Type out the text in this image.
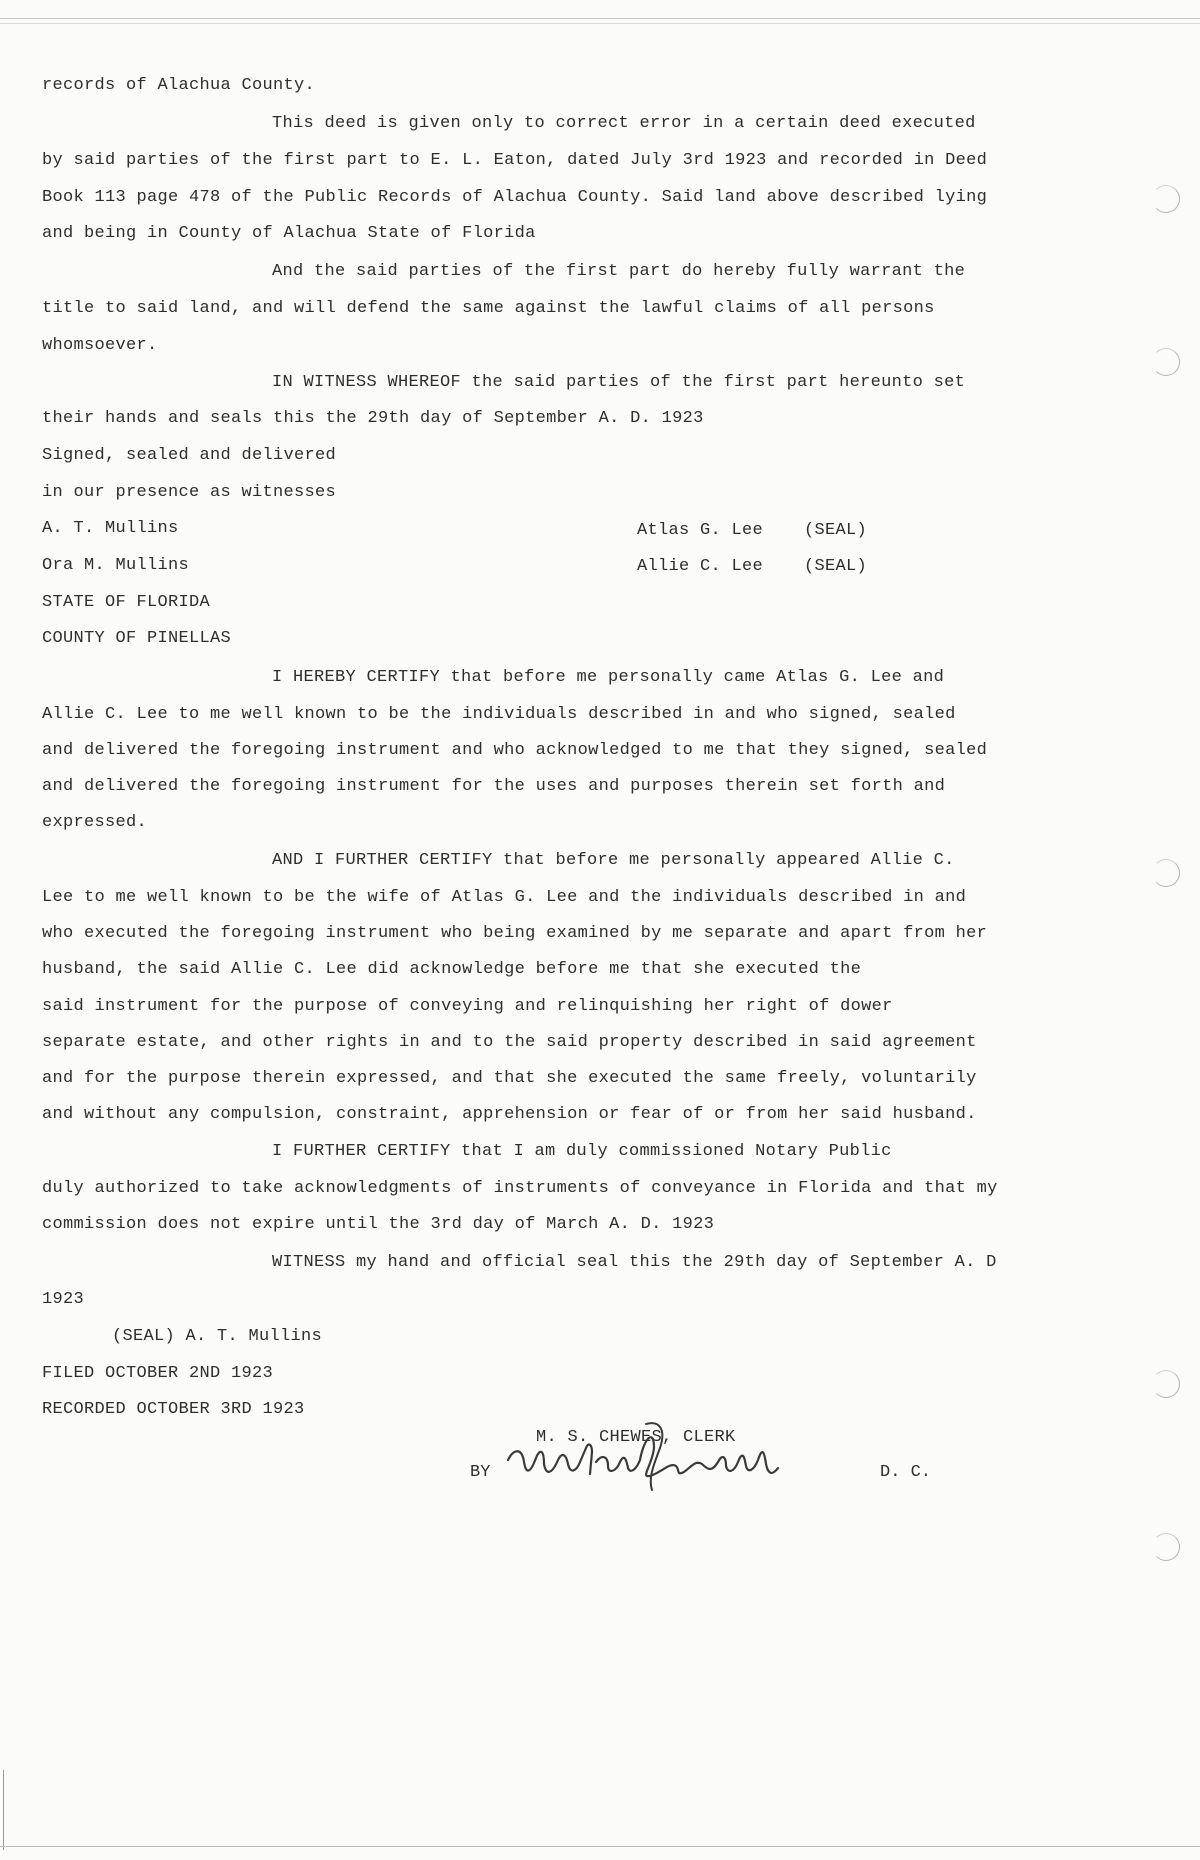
records of Alachua County.
This deed is given only to correct error in a certain deed executed
by said parties of the first part to E. L. Eaton, dated July 3rd 1923 and recorded in Deed
Book 113 page 478 of the Public Records of Alachua County. Said land above described lying
and being in County of Alachua State of Florida
And the said parties of the first part do hereby fully warrant the
title to said land, and will defend the same against the lawful claims of all persons
whomsoever.
IN WITNESS WHEREOF the said parties of the first part hereunto set
their hands and seals this the 29th day of September A. D. 1923
Signed, sealed and delivered
in our presence as witnesses
A. T. Mullins	Atlas G. Lee (SEAL)
Ora M. Mullins	Allie C. Lee (SEAL)
STATE OF FLORIDA
COUNTY OF PINELLAS
I HEREBY CERTIFY that before me personally came Atlas G. Lee and
Allie C. Lee to me well known to be the individuals described in and who signed, sealed
and delivered the foregoing instrument and who acknowledged to me that they signed, sealed
and delivered the foregoing instrument for the uses and purposes therein set forth and
expressed.
AND I FURTHER CERTIFY that before me personally appeared Allie C.
Lee to me well known to be the wife of Atlas G. Lee and the individuals described in and
who executed the foregoing instrument who being examined by me separate and apart from her
husband, the said Allie C. Lee did acknowledge before me that she executed the
said instrument for the purpose of conveying and relinquishing her right of dower
separate estate, and other rights in and to the said property described in said agreement
and for the purpose therein expressed, and that she executed the same freely, voluntarily
and without any compulsion, constraint, apprehension or fear of or from her said husband.
I FURTHER CERTIFY that I am duly commissioned Notary Public
duly authorized to take acknowledgments of instruments of conveyance in Florida and that my
commission does not expire until the 3rd day of March A. D. 1923
WITNESS my hand and official seal this the 29th day of September A. D
1923
(SEAL) A. T. Mullins
FILED OCTOBER 2ND 1923
RECORDED OCTOBER 3RD 1923
M. S. CHEWES, CLERK
BY	D. C.
